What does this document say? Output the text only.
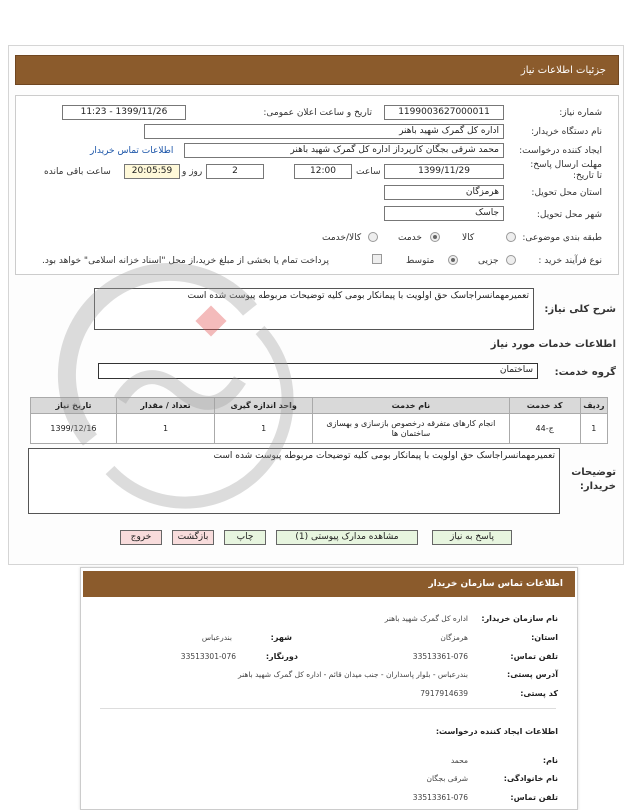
جزئیات اطلاعات نیاز
شماره نیاز:
1199003627000011
تاریخ و ساعت اعلان عمومی:
1399/11/26 - 11:23
نام دستگاه خریدار:
اداره کل گمرک شهید باهنر
ایجاد کننده درخواست:
محمد شرقی بجگان کارپرداز اداره کل گمرک شهید باهنر
اطلاعات تماس خریدار
مهلت ارسال پاسخ: تا تاریخ:
1399/11/29
ساعت
12:00
2
روز و
20:05:59
ساعت باقی مانده
استان محل تحویل:
هرمزگان
شهر محل تحویل:
جاسک
طبقه بندی موضوعی:
کالا
خدمت
کالا/خدمت
نوع فرآیند خرید :
جزیی
متوسط
پرداخت تمام یا بخشی از مبلغ خرید،از محل "اسناد خزانه اسلامی" خواهد بود.
شرح کلی نیاز:
تعمیرمهمانسراجاسک حق اولویت با پیمانکار بومی کلیه توضیحات مربوطه پیوست شده است
اطلاعات خدمات مورد نیاز
گروه خدمت:
ساختمان
ردیف	کد خدمت	نام خدمت	واحد اندازه گیری	تعداد / مقدار	تاریخ نیاز
1	ج-44	انجام کارهای متفرقه درخصوص بازسازی و بهسازی ساختمان ها	1	1	1399/12/16
توضیحات خریدار:
تعمیرمهمانسراجاسک حق اولویت با پیمانکار بومی کلیه توضیحات مربوطه پیوست شده است
پاسخ به نیاز
مشاهده مدارک پیوستی (1)
چاپ
بازگشت
خروج
اطلاعات تماس سازمان خریدار
نام سازمان خریدار:
اداره کل گمرک شهید باهنر
استان:
هرمزگان
شهر:
بندرعباس
تلفن تماس:
33513361-076
دورنگار:
33513301-076
آدرس پستی:
بندرعباس - بلوار پاسداران - جنب میدان قائم - اداره کل گمرک شهید باهنر
کد پستی:
7917914639
اطلاعات ایجاد کننده درخواست:
نام:
محمد
نام خانوادگی:
شرقی بجگان
تلفن تماس:
33513361-076
